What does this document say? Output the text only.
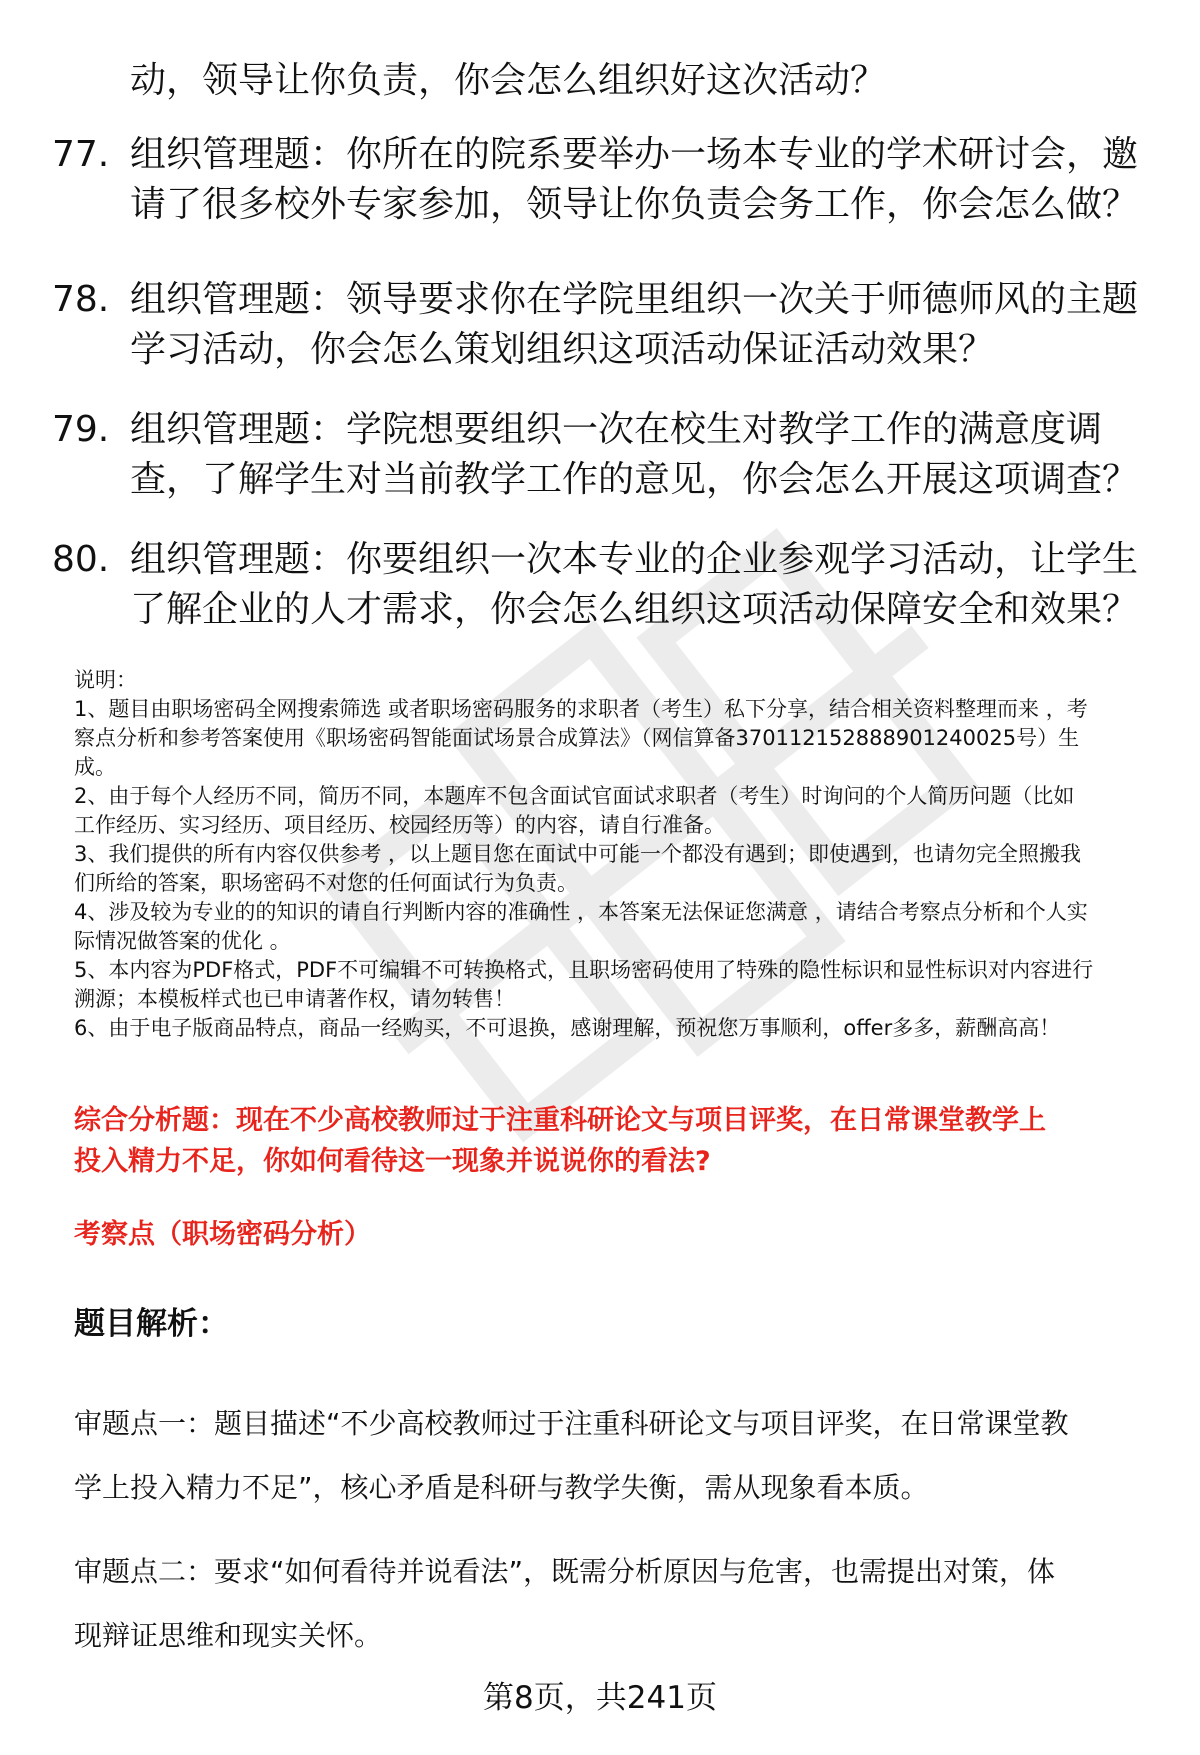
动，领导让你负责，你会怎么组织好这次活动？
77. 组织管理题：你所在的院系要举办一场本专业的学术研讨会，邀
请了很多校外专家参加，领导让你负责会务工作，你会怎么做？
78. 组织管理题：领导要求你在学院里组织一次关于师德师风的主题
学习活动，你会怎么策划组织这项活动保证活动效果？
79. 组织管理题：学院想要组织一次在校生对教学工作的满意度调
查，了解学生对当前教学工作的意见，你会怎么开展这项调查？
80. 组织管理题：你要组织一次本专业的企业参观学习活动，让学生
了解企业的人才需求，你会怎么组织这项活动保障安全和效果？
说明：
1、题目由职场密码全网搜索筛选 或者职场密码服务的求职者（考生）私下分享，结合相关资料整理而来 ，考
察点分析和参考答案使用《职场密码智能面试场景合成算法》（网信算备370112152888901240025号）生
成。
2、由于每个人经历不同，简历不同，本题库不包含面试官面试求职者（考生）时询问的个人简历问题（比如
工作经历、实习经历、项目经历、校园经历等）的内容，请自行准备。
3、我们提供的所有内容仅供参考 ，以上题目您在面试中可能一个都没有遇到；即使遇到，也请勿完全照搬我
们所给的答案，职场密码不对您的任何面试行为负责。
4、涉及较为专业的的知识的请自行判断内容的准确性 ，本答案无法保证您满意 ，请结合考察点分析和个人实
际情况做答案的优化 。
5、本内容为PDF格式，PDF不可编辑不可转换格式，且职场密码使用了特殊的隐性标识和显性标识对内容进行
溯源；本模板样式也已申请著作权，请勿转售！
6、由于电子版商品特点，商品一经购买，不可退换，感谢理解，预祝您万事顺利，offer多多，薪酬高高！
综合分析题：现在不少高校教师过于注重科研论文与项目评奖，在日常课堂教学上
投入精力不足，你如何看待这一现象并说说你的看法?
考察点（职场密码分析）
题目解析：
审题点一：题目描述“不少高校教师过于注重科研论文与项目评奖，在日常课堂教
学上投入精力不足”，核心矛盾是科研与教学失衡，需从现象看本质。
审题点二：要求“如何看待并说看法”，既需分析原因与危害，也需提出对策，体
现辩证思维和现实关怀。
第8页，共241页
